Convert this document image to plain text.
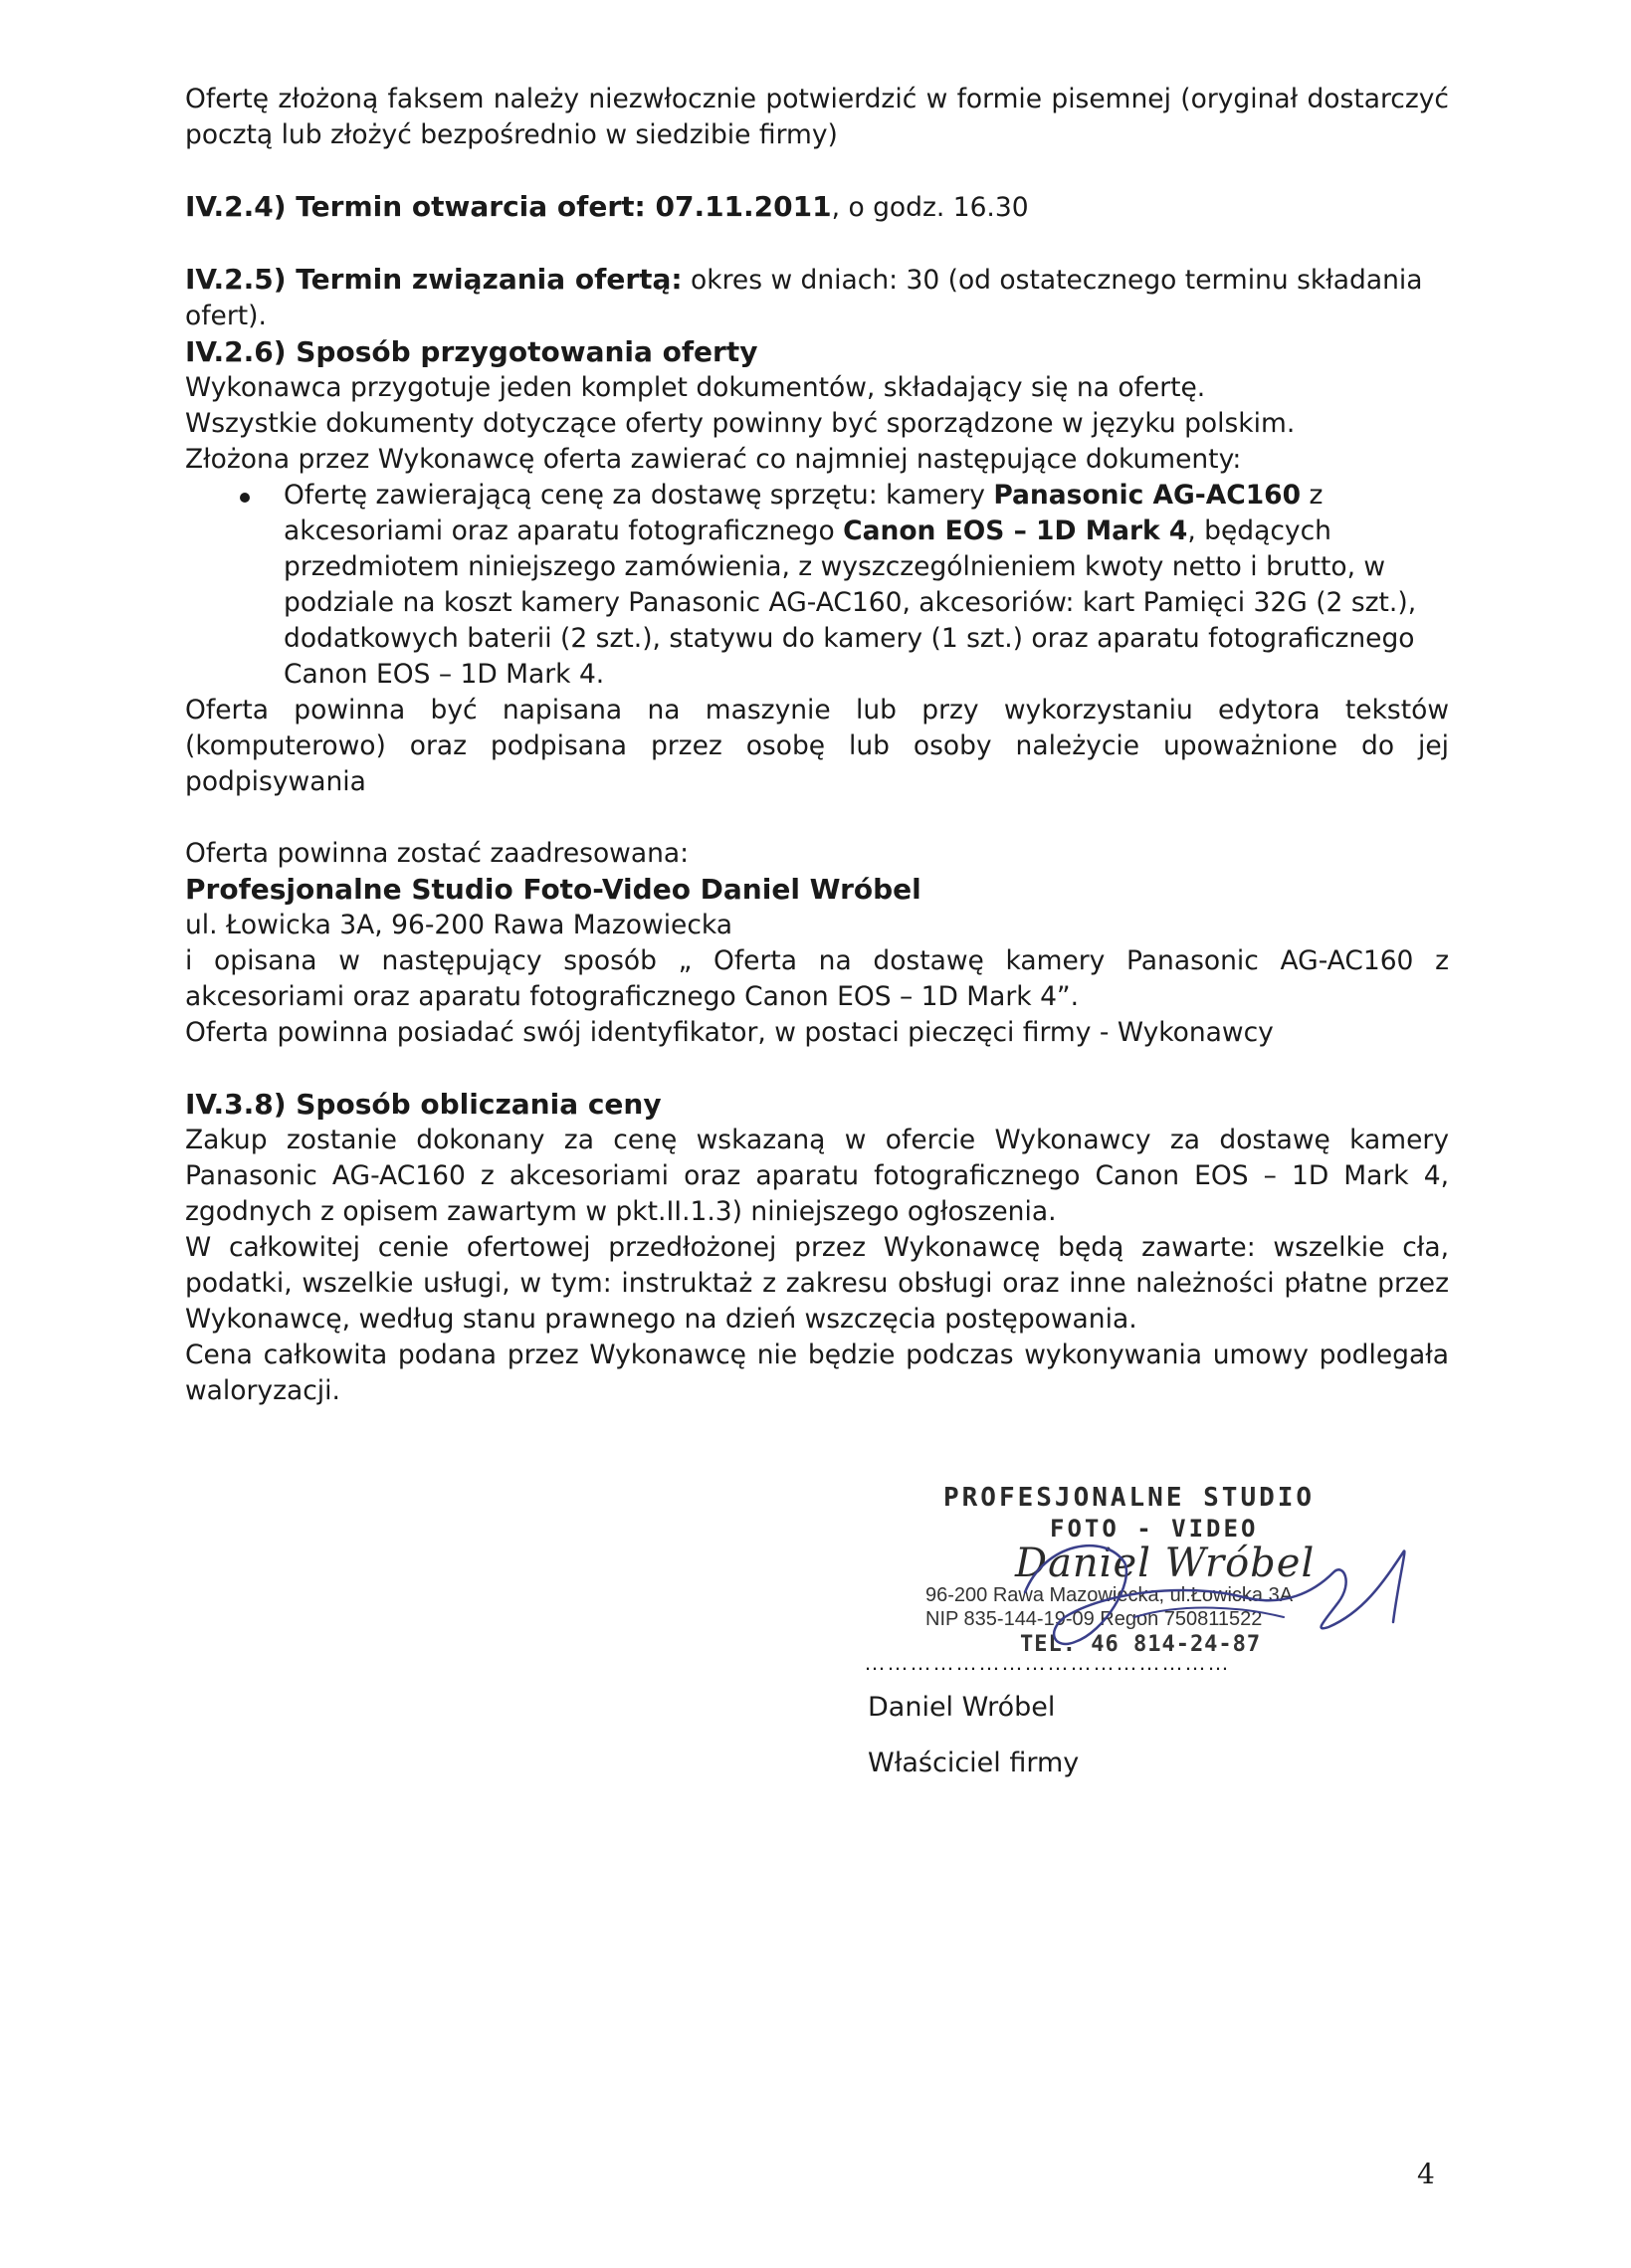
Ofertę złożoną faksem należy niezwłocznie potwierdzić w formie pisemnej (oryginał dostarczyć pocztą lub złożyć bezpośrednio w siedzibie firmy)

IV.2.4) Termin otwarcia ofert: 07.11.2011, o godz. 16.30

IV.2.5) Termin związania ofertą: okres w dniach: 30 (od ostatecznego terminu składania ofert).

IV.2.6) Sposób przygotowania oferty

Wykonawca przygotuje jeden komplet dokumentów, składający się na ofertę.

Wszystkie dokumenty dotyczące oferty powinny być sporządzone w języku polskim.

Złożona przez Wykonawcę oferta zawierać co najmniej następujące dokumenty:

Ofertę zawierającą cenę za dostawę sprzętu: kamery Panasonic AG-AC160 z akcesoriami oraz aparatu fotograficznego Canon EOS – 1D Mark 4, będących przedmiotem niniejszego zamówienia, z wyszczególnieniem kwoty netto i brutto, w podziale na koszt kamery Panasonic AG-AC160, akcesoriów: kart Pamięci 32G (2 szt.), dodatkowych baterii (2 szt.), statywu do kamery (1 szt.) oraz aparatu fotograficznego Canon EOS – 1D Mark 4.

Oferta powinna być napisana na maszynie lub przy wykorzystaniu edytora tekstów (komputerowo) oraz podpisana przez osobę lub osoby należycie upoważnione do jej podpisywania

Oferta powinna zostać zaadresowana:

Profesjonalne Studio Foto-Video Daniel Wróbel

ul. Łowicka 3A, 96-200 Rawa Mazowiecka

i opisana w następujący sposób „ Oferta na dostawę kamery Panasonic AG-AC160 z akcesoriami oraz aparatu fotograficznego Canon EOS – 1D Mark 4”.

Oferta powinna posiadać swój identyfikator, w postaci pieczęci firmy - Wykonawcy

IV.3.8) Sposób obliczania ceny

Zakup zostanie dokonany za cenę wskazaną w ofercie Wykonawcy za dostawę kamery Panasonic AG-AC160 z akcesoriami oraz aparatu fotograficznego Canon EOS – 1D Mark 4, zgodnych z opisem zawartym w pkt.II.1.3) niniejszego ogłoszenia.

W całkowitej cenie ofertowej przedłożonej przez Wykonawcę będą zawarte: wszelkie cła, podatki, wszelkie usługi, w tym: instruktaż z zakresu obsługi oraz inne należności płatne przez Wykonawcę, według stanu prawnego na dzień wszczęcia postępowania.

Cena całkowita podana przez Wykonawcę nie będzie podczas wykonywania umowy podlegała waloryzacji.

PROFESJONALNE STUDIO
FOTO - VIDEO
Daniel Wróbel
96-200 Rawa Mazowiecka, ul.Łowicka 3A
NIP 835-144-19-09 Regon 750811522
TEL. 46 814-24-87
…………………………………………
Daniel Wróbel
Właściciel firmy
4
